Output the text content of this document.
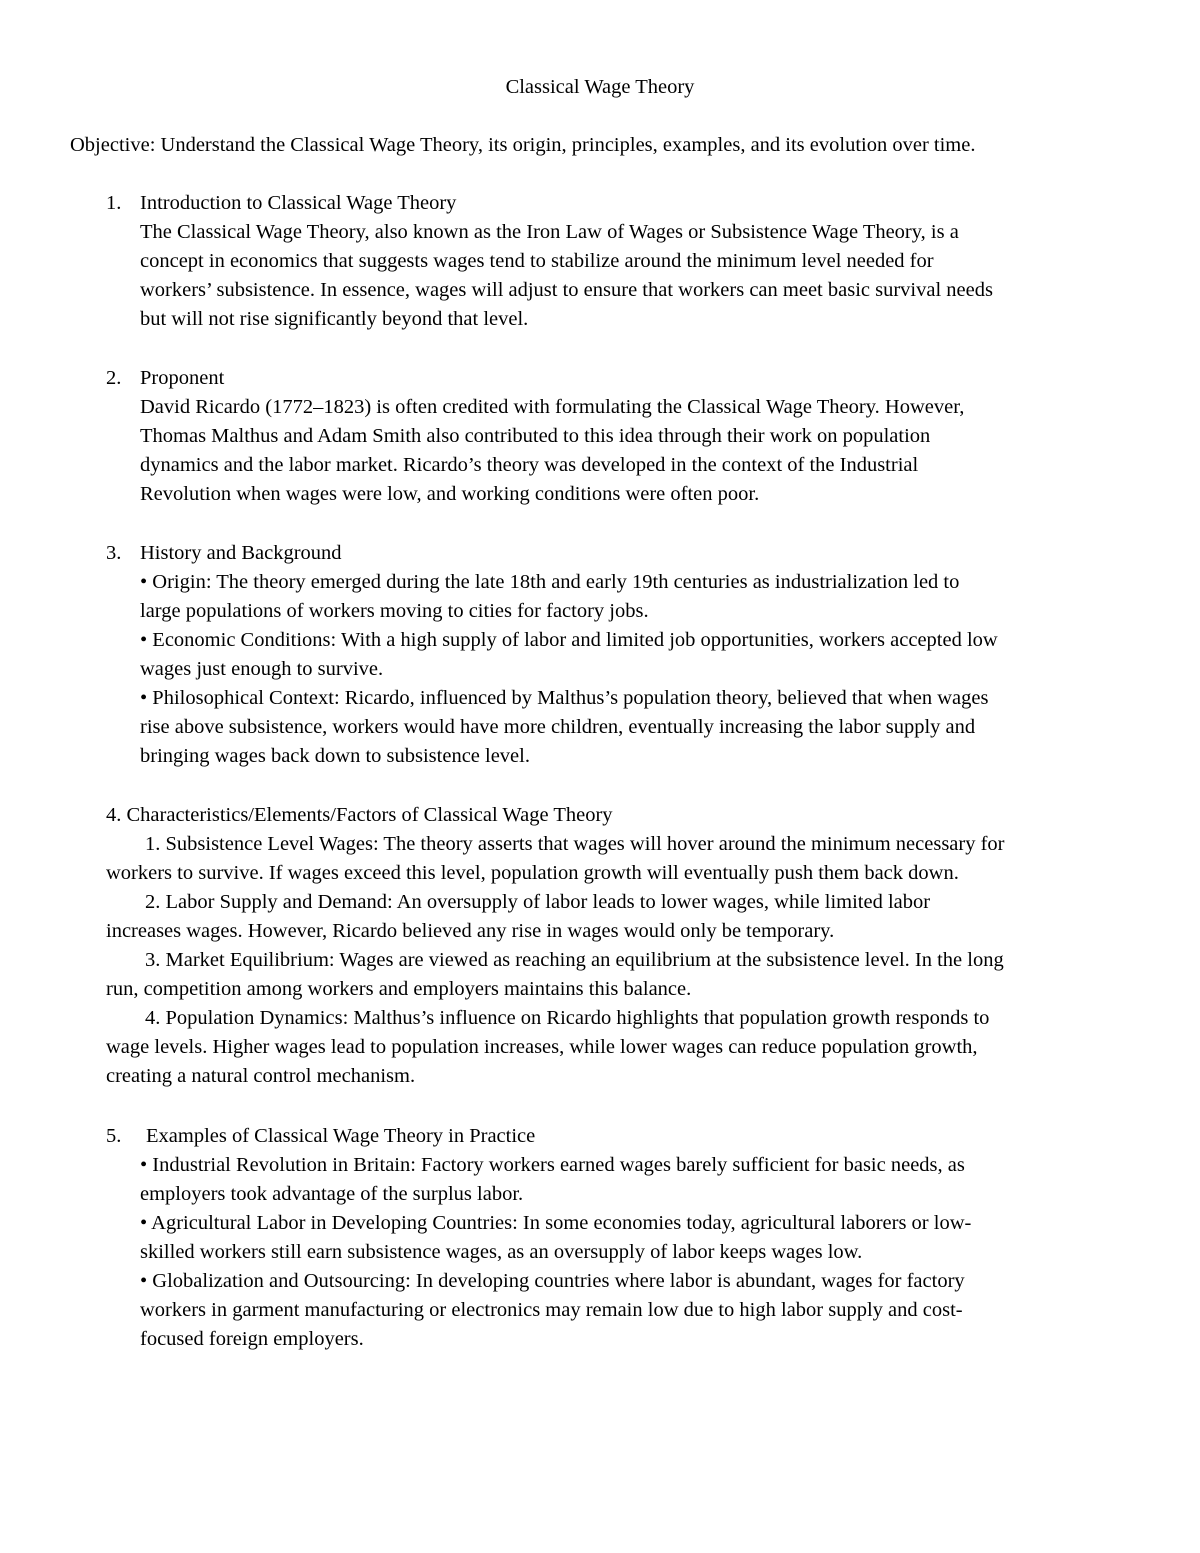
Classical Wage Theory
Objective: Understand the Classical Wage Theory, its origin, principles, examples, and its evolution over time.
1. Introduction to Classical Wage Theory
The Classical Wage Theory, also known as the Iron Law of Wages or Subsistence Wage Theory, is a
concept in economics that suggests wages tend to stabilize around the minimum level needed for
workers’ subsistence. In essence, wages will adjust to ensure that workers can meet basic survival needs
but will not rise significantly beyond that level.
2. Proponent
David Ricardo (1772–1823) is often credited with formulating the Classical Wage Theory. However,
Thomas Malthus and Adam Smith also contributed to this idea through their work on population
dynamics and the labor market. Ricardo’s theory was developed in the context of the Industrial
Revolution when wages were low, and working conditions were often poor.
3. History and Background
• Origin: The theory emerged during the late 18th and early 19th centuries as industrialization led to
large populations of workers moving to cities for factory jobs.
• Economic Conditions: With a high supply of labor and limited job opportunities, workers accepted low
wages just enough to survive.
• Philosophical Context: Ricardo, influenced by Malthus’s population theory, believed that when wages
rise above subsistence, workers would have more children, eventually increasing the labor supply and
bringing wages back down to subsistence level.
4. Characteristics/Elements/Factors of Classical Wage Theory
1. Subsistence Level Wages: The theory asserts that wages will hover around the minimum necessary for
workers to survive. If wages exceed this level, population growth will eventually push them back down.
2. Labor Supply and Demand: An oversupply of labor leads to lower wages, while limited labor
increases wages. However, Ricardo believed any rise in wages would only be temporary.
3. Market Equilibrium: Wages are viewed as reaching an equilibrium at the subsistence level. In the long
run, competition among workers and employers maintains this balance.
4. Population Dynamics: Malthus’s influence on Ricardo highlights that population growth responds to
wage levels. Higher wages lead to population increases, while lower wages can reduce population growth,
creating a natural control mechanism.
5. Examples of Classical Wage Theory in Practice
• Industrial Revolution in Britain: Factory workers earned wages barely sufficient for basic needs, as
employers took advantage of the surplus labor.
• Agricultural Labor in Developing Countries: In some economies today, agricultural laborers or low-
skilled workers still earn subsistence wages, as an oversupply of labor keeps wages low.
• Globalization and Outsourcing: In developing countries where labor is abundant, wages for factory
workers in garment manufacturing or electronics may remain low due to high labor supply and cost-
focused foreign employers.
